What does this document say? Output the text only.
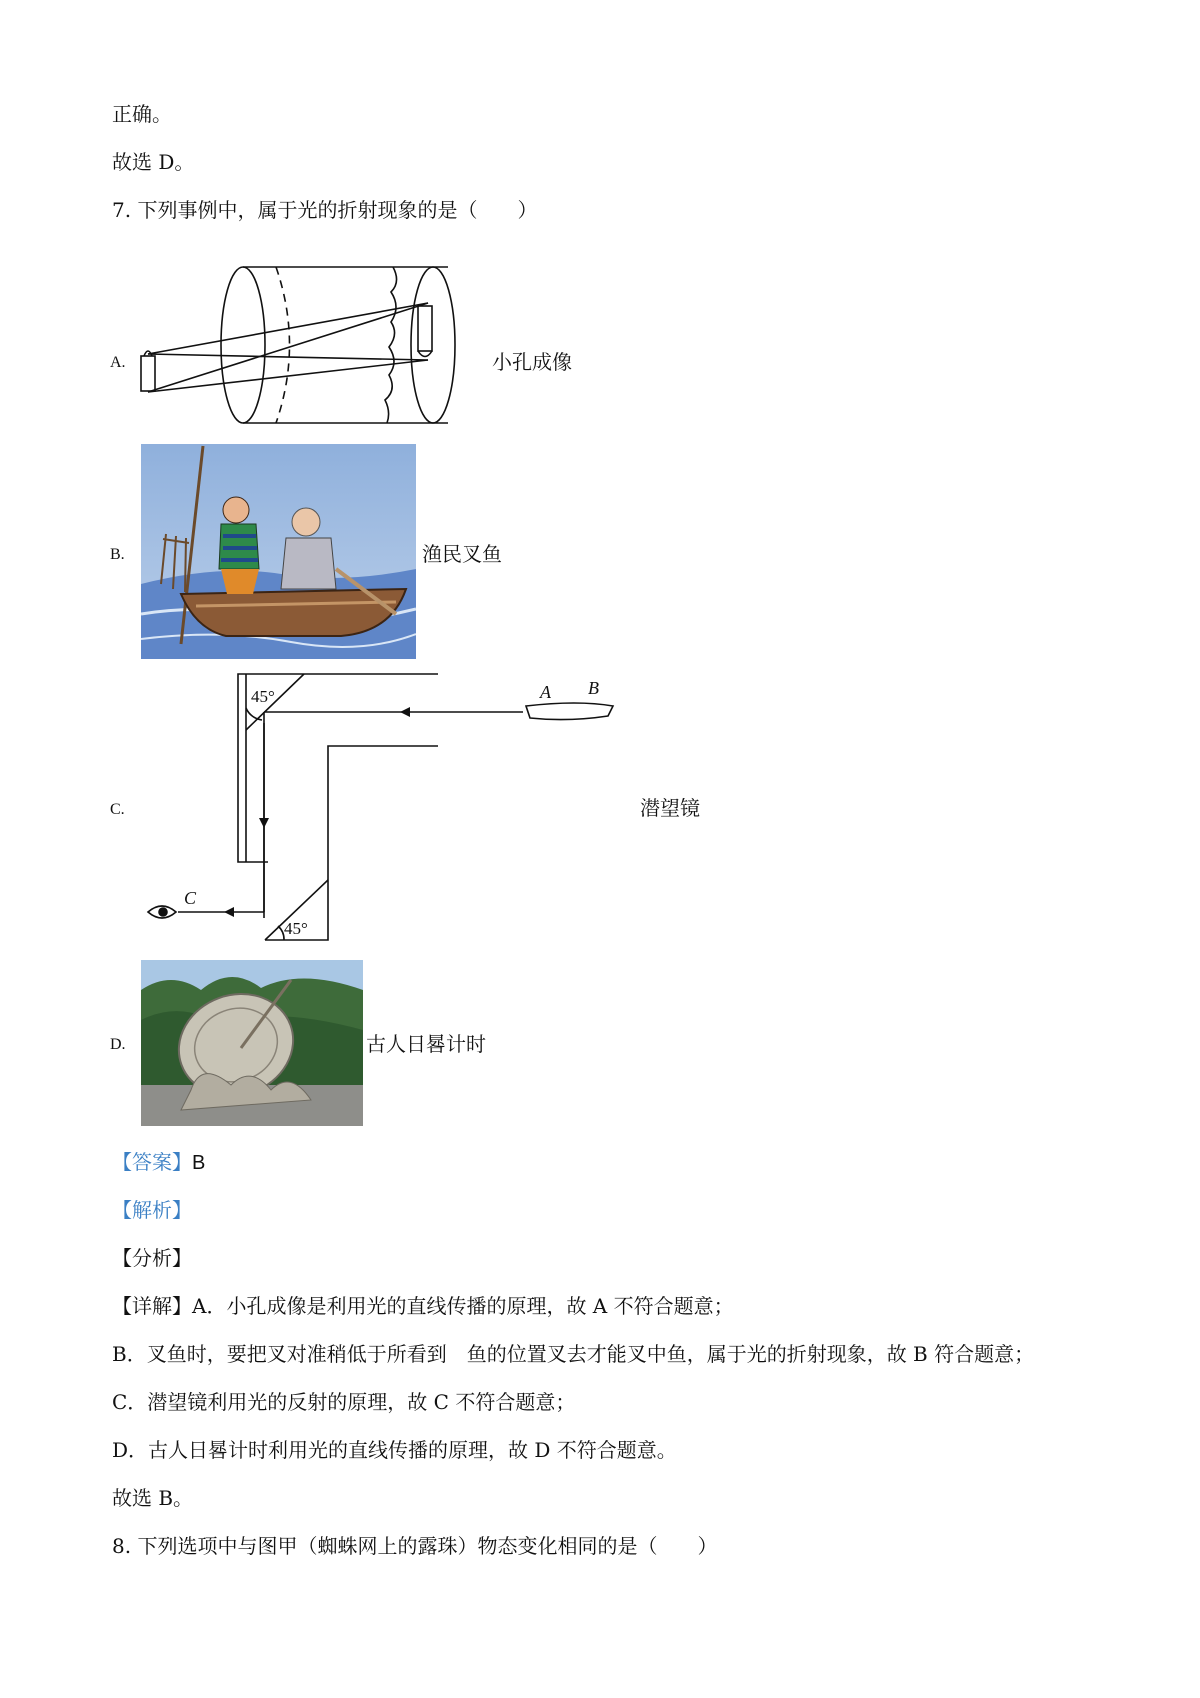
正确。
故选 D。
7. 下列事例中，属于光的折射现象的是（　　）
A.	小孔成像
B.	渔民叉鱼
C.
45°
45°
A B
C
潜望镜
D.	古人日晷计时
【答案】B
【解析】
【分析】
【详解】A．小孔成像是利用光的直线传播的原理，故 A 不符合题意；
B．叉鱼时，要把叉对准稍低于所看到　鱼的位置叉去才能叉中鱼，属于光的折射现象，故 B 符合题意；
C．潜望镜利用光的反射的原理，故 C 不符合题意；
D．古人日晷计时利用光的直线传播的原理，故 D 不符合题意。
故选 B。
8. 下列选项中与图甲（蜘蛛网上的露珠）物态变化相同的是（　　）
